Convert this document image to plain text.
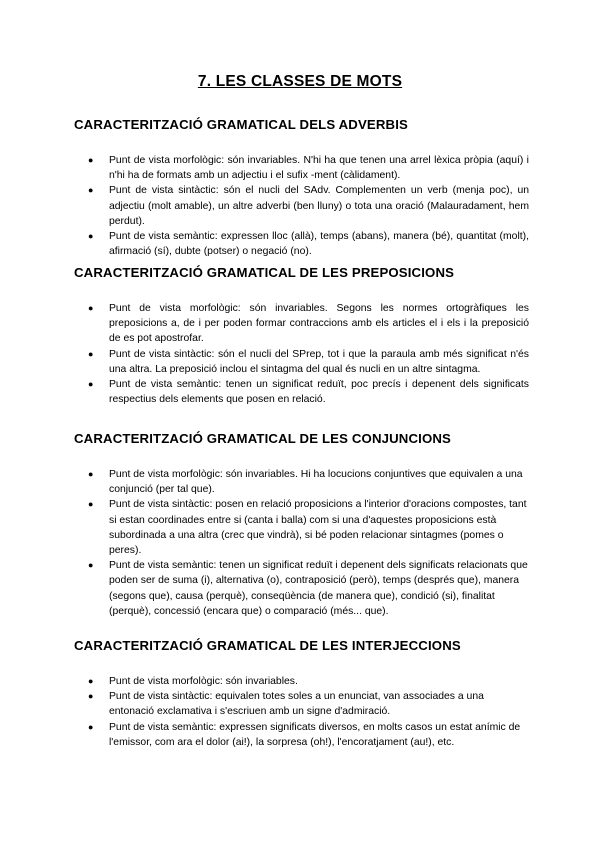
7. LES CLASSES DE MOTS
CARACTERITZACIÓ GRAMATICAL DELS ADVERBIS
● Punt de vista morfològic: són invariables. N'hi ha que tenen una arrel lèxica pròpia (aquí) i n'hi ha de formats amb un adjectiu i el sufix -ment (càlidament).
● Punt de vista sintàctic: són el nucli del SAdv. Complementen un verb (menja poc), un adjectiu (molt amable), un altre adverbi (ben lluny) o tota una oració (Malauradament, hem perdut).
● Punt de vista semàntic: expressen lloc (allà), temps (abans), manera (bé), quantitat (molt), afirmació (sí), dubte (potser) o negació (no).
CARACTERITZACIÓ GRAMATICAL DE LES PREPOSICIONS
● Punt de vista morfològic: són invariables. Segons les normes ortogràfiques les preposicions a, de i per poden formar contraccions amb els articles el i els i la preposició de es pot apostrofar.
● Punt de vista sintàctic: són el nucli del SPrep, tot i que la paraula amb més significat n'és una altra. La preposició inclou el sintagma del qual és nucli en un altre sintagma.
● Punt de vista semàntic: tenen un significat reduït, poc precís i depenent dels significats respectius dels elements que posen en relació.
CARACTERITZACIÓ GRAMATICAL DE LES CONJUNCIONS
● Punt de vista morfològic: són invariables. Hi ha locucions conjuntives que equivalen a una conjunció (per tal que).
● Punt de vista sintàctic: posen en relació proposicions a l'interior d'oracions compostes, tant si estan coordinades entre si (canta i balla) com si una d'aquestes proposicions està subordinada a una altra (crec que vindrà), si bé poden relacionar sintagmes (pomes o peres).
● Punt de vista semàntic: tenen un significat reduït i depenent dels significats relacionats que poden ser de suma (i), alternativa (o), contraposició (però), temps (després que), manera (segons que), causa (perquè), conseqüència (de manera que), condició (si), finalitat (perquè), concessió (encara que) o comparació (més... que).
CARACTERITZACIÓ GRAMATICAL DE LES INTERJECCIONS
● Punt de vista morfològic: són invariables.
● Punt de vista sintàctic: equivalen totes soles a un enunciat, van associades a una entonació exclamativa i s'escriuen amb un signe d'admiració.
● Punt de vista semàntic: expressen significats diversos, en molts casos un estat anímic de l'emissor, com ara el dolor (ai!), la sorpresa (oh!), l'encoratjament (au!), etc.
